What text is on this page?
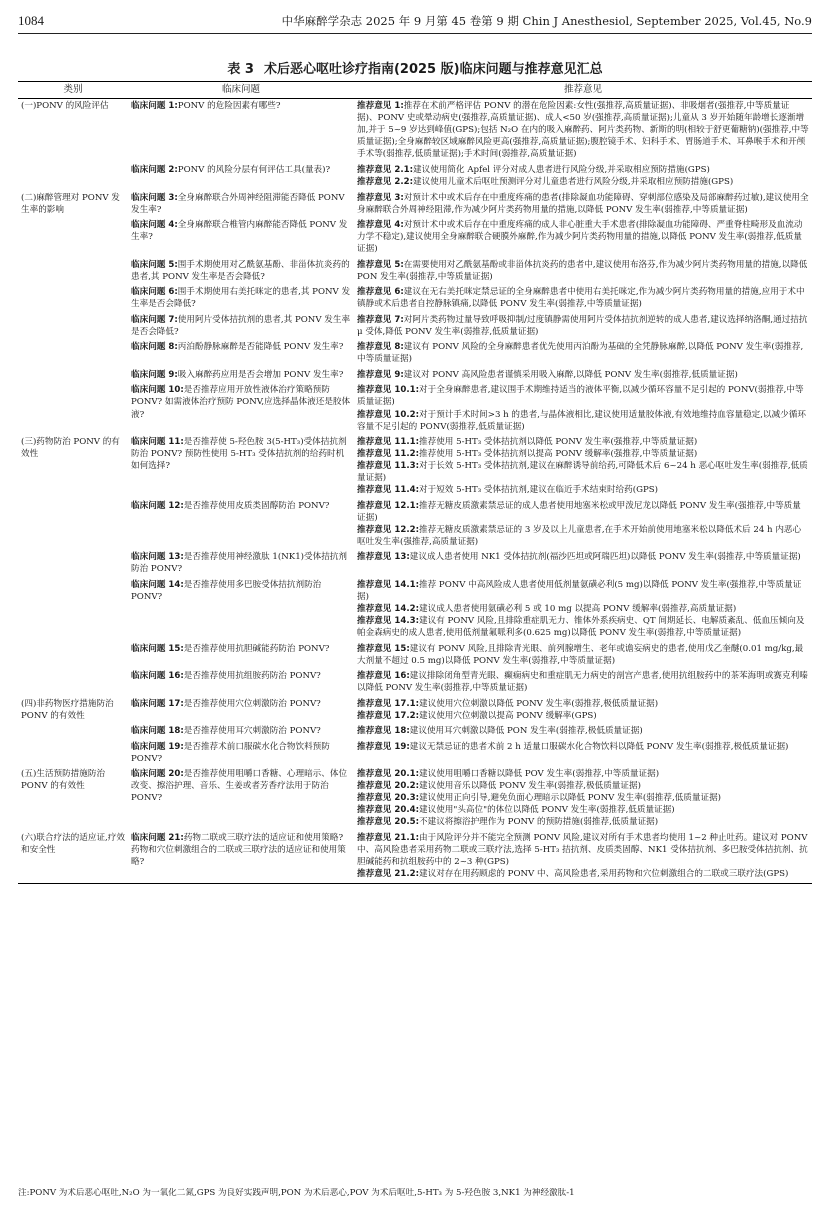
1084	中华麻醉学杂志 2025 年 9 月第 45 卷第 9 期 Chin J Anesthesiol, September 2025, Vol.45, No.9
表 3 术后恶心呕吐诊疗指南(2025 版)临床问题与推荐意见汇总
类别	临床问题	推荐意见
(一)PONV 的风险评估	临床问题 1:PONV 的危险因素有哪些?	推荐意见 1:推荐在术前严格评估 PONV 的潜在危险因素:女性(强推荐,高质量证据)、非吸烟者(强推荐,中等质量证据)、PONV 史或晕动病史(强推荐,高质量证据)、成人<50 岁(强推荐,高质量证据);儿童从 3 岁开始随年龄增长逐渐增加,并于 5~9 岁达到峰值(GPS);包括 N₂O 在内的吸入麻醉药、阿片类药物、新斯的明(相较于舒更葡糖钠)(强推荐,中等质量证据);全身麻醉较区域麻醉风险更高(强推荐,高质量证据);腹腔镜手术、妇科手术、胃肠道手术、耳鼻喉手术和开颅手术等(弱推荐,低质量证据);手术时间(弱推荐,高质量证据)

	临床问题 2:PONV 的风险分层有何评估工具(量表)?	推荐意见 2.1:建议使用简化 Apfel 评分对成人患者进行风险分级,并采取相应预防措施(GPS)
推荐意见 2.2:建议使用儿童术后呕吐预测评分对儿童患者进行风险分级,并采取相应预防措施(GPS)

(二)麻醉管理对 PONV 发生率的影响	临床问题 3:全身麻醉联合外周神经阻滞能否降低 PONV 发生率?	推荐意见 3:对预计术中或术后存在中重度疼痛的患者(排除凝血功能障碍、穿刺部位感染及局部麻醉药过敏),建议使用全身麻醉联合外周神经阻滞,作为减少阿片类药物用量的措施,以降低 PONV 发生率(弱推荐,中等质量证据)

	临床问题 4:全身麻醉联合椎管内麻醉能否降低 PONV 发生率?	推荐意见 4:对预计术中或术后存在中重度疼痛的成人非心脏重大手术患者(排除凝血功能障碍、严重脊柱畸形及血流动力学不稳定),建议使用全身麻醉联合硬膜外麻醉,作为减少阿片类药物用量的措施,以降低 PONV 发生率(弱推荐,低质量证据)

	临床问题 5:围手术期使用对乙酰氨基酚、非甾体抗炎药的患者,其 PONV 发生率是否会降低?	推荐意见 5:在需要使用对乙酰氨基酚或非甾体抗炎药的患者中,建议使用布洛芬,作为减少阿片类药物用量的措施,以降低 PON 发生率(弱推荐,中等质量证据)

	临床问题 6:围手术期使用右美托咪定的患者,其 PONV 发生率是否会降低?	推荐意见 6:建议在无右美托咪定禁忌证的全身麻醉患者中使用右美托咪定,作为减少阿片类药物用量的措施,应用于术中镇静或术后患者自控静脉镇痛,以降低 PONV 发生率(弱推荐,中等质量证据)

	临床问题 7:使用阿片受体拮抗剂的患者,其 PONV 发生率是否会降低?	推荐意见 7:对阿片类药物过量导致呼吸抑制/过度镇静需使用阿片受体拮抗剂逆转的成人患者,建议选择纳洛酮,通过拮抗 μ 受体,降低 PONV 发生率(弱推荐,低质量证据)

	临床问题 8:丙泊酚静脉麻醉是否能降低 PONV 发生率?	推荐意见 8:建议有 PONV 风险的全身麻醉患者优先使用丙泊酚为基础的全凭静脉麻醉,以降低 PONV 发生率(弱推荐,中等质量证据)

	临床问题 9:吸入麻醉药应用是否会增加 PONV 发生率?	推荐意见 9:建议对 PONV 高风险患者谨慎采用吸入麻醉,以降低 PONV 发生率(弱推荐,低质量证据)

	临床问题 10:是否推荐应用开放性液体治疗策略预防 PONV? 如需液体治疗预防 PONV,应选择晶体液还是胶体液?	推荐意见 10.1:对于全身麻醉患者,建议围手术期维持适当的液体平衡,以减少循环容量不足引起的 PONV(弱推荐,中等质量证据)
推荐意见 10.2:对于预计手术时间>3 h 的患者,与晶体液相比,建议使用适量胶体液,有效地维持血容量稳定,以减少循环容量不足引起的 PONV(弱推荐,低质量证据)

(三)药物防治 PONV 的有效性	临床问题 11:是否推荐使 5-羟色胺 3(5-HT₃)受体拮抗剂防治 PONV? 预防性使用 5-HT₃ 受体拮抗剂的给药时机如何选择?	推荐意见 11.1:推荐使用 5-HT₃ 受体拮抗剂以降低 PONV 发生率(强推荐,中等质量证据)
推荐意见 11.2:推荐使用 5-HT₃ 受体拮抗剂以提高 PONV 缓解率(强推荐,中等质量证据)
推荐意见 11.3:对于长效 5-HT₃ 受体拮抗剂,建议在麻醉诱导前给药,可降低术后 6~24 h 恶心呕吐发生率(弱推荐,低质量证据)
推荐意见 11.4:对于短效 5-HT₃ 受体拮抗剂,建议在临近手术结束时给药(GPS)

	临床问题 12:是否推荐使用皮质类固醇防治 PONV?	推荐意见 12.1:推荐无糖皮质激素禁忌证的成人患者使用地塞米松或甲泼尼龙以降低 PONV 发生率(强推荐,中等质量证据)
推荐意见 12.2:推荐无糖皮质激素禁忌证的 3 岁及以上儿童患者,在手术开始前使用地塞米松以降低术后 24 h 内恶心呕吐发生率(强推荐,高质量证据)

	临床问题 13:是否推荐使用神经激肽 1(NK1)受体拮抗剂防治 PONV?	推荐意见 13:建议成人患者使用 NK1 受体拮抗剂(福沙匹坦或阿瑞匹坦)以降低 PONV 发生率(弱推荐,中等质量证据)

	临床问题 14:是否推荐使用多巴胺受体拮抗剂防治 PONV?	推荐意见 14.1:推荐 PONV 中高风险成人患者使用低剂量氨磺必利(5 mg)以降低 PONV 发生率(强推荐,中等质量证据)
推荐意见 14.2:建议成人患者使用氨磺必利 5 或 10 mg 以提高 PONV 缓解率(弱推荐,高质量证据)
推荐意见 14.3:建议有 PONV 风险,且排除重症肌无力、锥体外系疾病史、QT 间期延长、电解质紊乱、低血压倾向及帕金森病史的成人患者,使用低剂量氟哌利多(0.625 mg)以降低 PONV 发生率(弱推荐,中等质量证据)

	临床问题 15:是否推荐使用抗胆碱能药防治 PONV?	推荐意见 15:建议有 PONV 风险,且排除青光眼、前列腺增生、老年或谵妄病史的患者,使用戊乙奎醚(0.01 mg/kg,最大剂量不超过 0.5 mg)以降低 PONV 发生率(弱推荐,中等质量证据)

	临床问题 16:是否推荐使用抗组胺药防治 PONV?	推荐意见 16:建议排除闭角型青光眼、癫痫病史和重症肌无力病史的剖宫产患者,使用抗组胺药中的茶苯海明或赛克利嗪以降低 PONV 发生率(弱推荐,中等质量证据)

(四)非药物医疗措施防治 PONV 的有效性	临床问题 17:是否推荐使用穴位刺激防治 PONV?	推荐意见 17.1:建议使用穴位刺激以降低 PONV 发生率(弱推荐,极低质量证据)
推荐意见 17.2:建议使用穴位刺激以提高 PONV 缓解率(GPS)

	临床问题 18:是否推荐使用耳穴刺激防治 PONV?	推荐意见 18:建议使用耳穴刺激以降低 PON 发生率(弱推荐,极低质量证据)

	临床问题 19:是否推荐术前口服碳水化合物饮料预防 PONV?	推荐意见 19:建议无禁忌证的患者术前 2 h 适量口服碳水化合物饮料以降低 PONV 发生率(弱推荐,极低质量证据)

(五)生活预防措施防治 PONV 的有效性	临床问题 20:是否推荐使用咀嚼口香糖、心理暗示、体位改变、擦浴护理、音乐、生姜或者芳香疗法用于防治 PONV?	推荐意见 20.1:建议使用咀嚼口香糖以降低 POV 发生率(弱推荐,中等质量证据)
推荐意见 20.2:建议使用音乐以降低 PONV 发生率(弱推荐,极低质量证据)
推荐意见 20.3:建议使用正向引导,避免负面心理暗示以降低 PONV 发生率(弱推荐,低质量证据)
推荐意见 20.4:建议使用"头高位"的体位以降低 PONV 发生率(弱推荐,低质量证据)
推荐意见 20.5:不建议将擦浴护理作为 PONV 的预防措施(弱推荐,低质量证据)

(六)联合疗法的适应证,疗效和安全性	临床问题 21:药物二联或三联疗法的适应证和使用策略? 药物和穴位刺激组合的二联或三联疗法的适应证和使用策略?	推荐意见 21.1:由于风险评分并不能完全预测 PONV 风险,建议对所有手术患者均使用 1~2 种止吐药。建议对 PONV 中、高风险患者采用药物二联或三联疗法,选择 5-HT₃ 拮抗剂、皮质类固醇、NK1 受体拮抗剂、多巴胺受体拮抗剂、抗胆碱能药和抗组胺药中的 2~3 种(GPS)
推荐意见 21.2:建议对存在用药顾虑的 PONV 中、高风险患者,采用药物和穴位刺激组合的二联或三联疗法(GPS)
注:PONV 为术后恶心呕吐,N₂O 为一氧化二氮,GPS 为良好实践声明,PON 为术后恶心,POV 为术后呕吐,5-HT₃ 为 5-羟色胺 3,NK1 为神经激肽-1
